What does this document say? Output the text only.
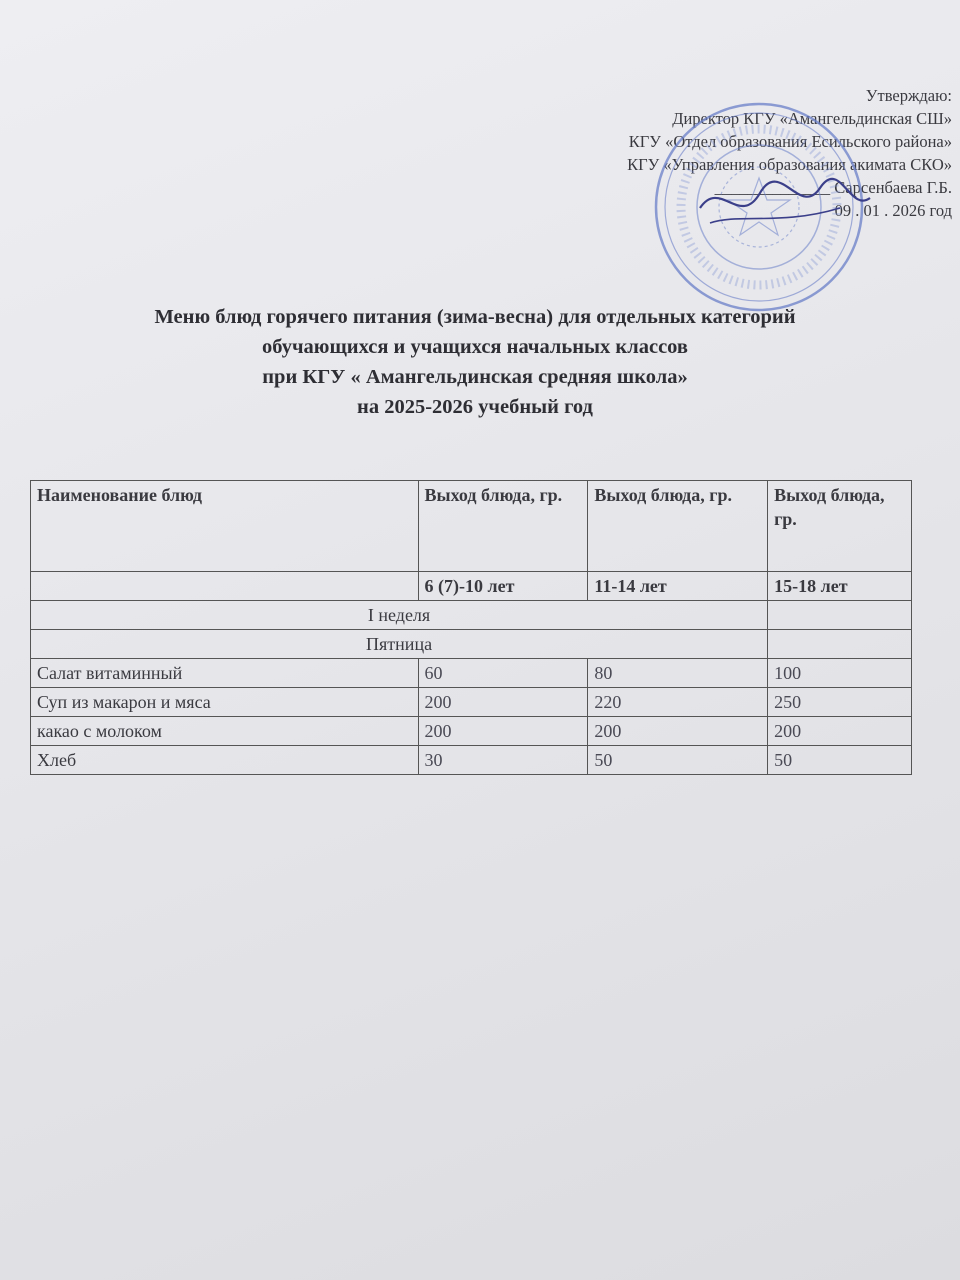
Утверждаю:
Директор КГУ «Амангельдинская СШ»
КГУ «Отдел образования Есильского района»
КГУ «Управления образования акимата СКО»
______________ Сарсенбаева Г.Б.
09 . 01 . 2026 год
Меню блюд горячего питания (зима-весна) для отдельных категорий
обучающихся и учащихся начальных классов
при КГУ « Амангельдинская средняя школа»
на 2025-2026 учебный год
Наименование блюд	Выход блюда, гр.	Выход блюда, гр.	Выход блюда, гр.
	6 (7)-10 лет	11-14 лет	15-18 лет
I неделя			
Пятница			
Салат витаминный	60	80	100
Суп из макарон и мяса	200	220	250
какао с молоком	200	200	200
Хлеб	30	50	50
